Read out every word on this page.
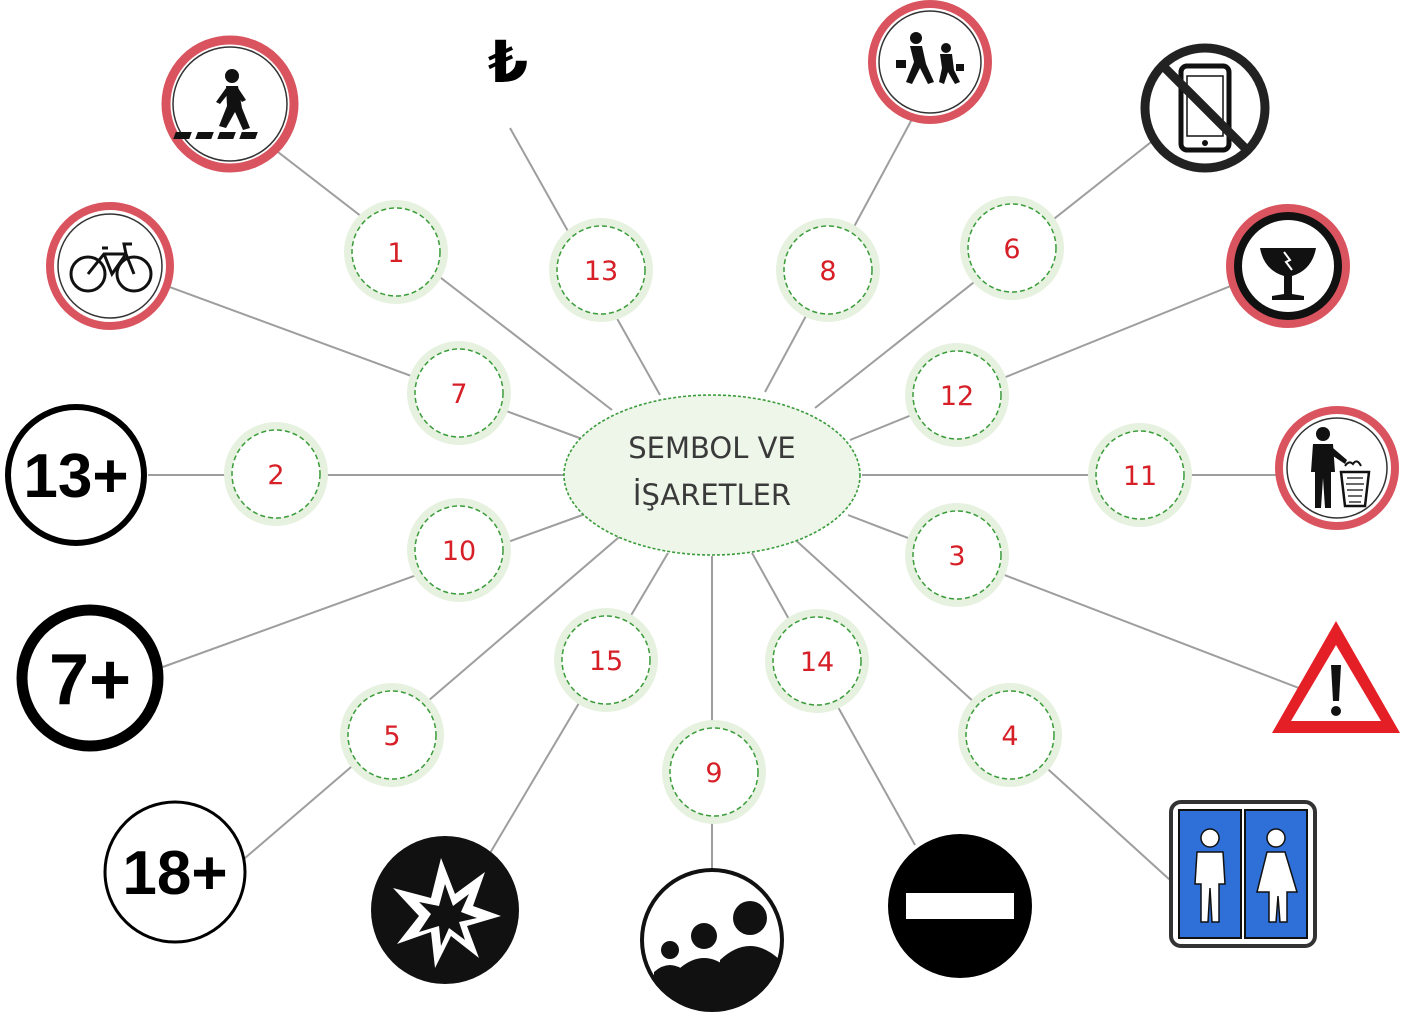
SEMBOL VE
İŞARETLER
1
13	8
6
7	12
2	11
10	3
15	14
5	4
9
₺
13+
7+
18+
